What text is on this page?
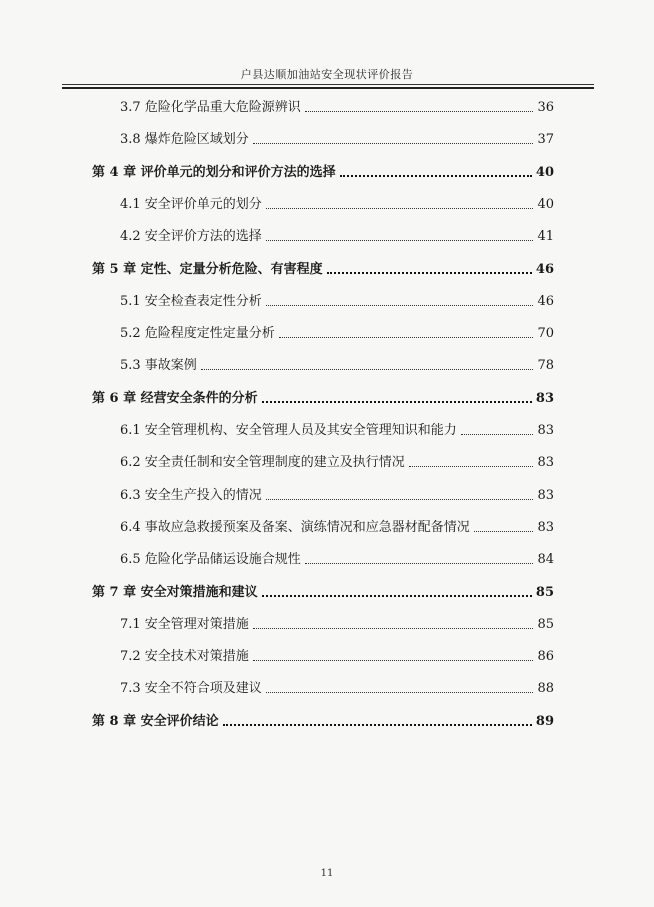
户县达顺加油站安全现状评价报告
3.7 危险化学品重大危险源辨识	36
3.8 爆炸危险区域划分	37
第 4 章 评价单元的划分和评价方法的选择	40
4.1 安全评价单元的划分	40
4.2 安全评价方法的选择	41
第 5 章 定性、定量分析危险、有害程度	46
5.1 安全检查表定性分析	46
5.2 危险程度定性定量分析	70
5.3 事故案例	78
第 6 章 经营安全条件的分析	83
6.1 安全管理机构、安全管理人员及其安全管理知识和能力	83
6.2 安全责任制和安全管理制度的建立及执行情况	83
6.3 安全生产投入的情况	83
6.4 事故应急救援预案及备案、演练情况和应急器材配备情况	83
6.5 危险化学品储运设施合规性	84
第 7 章 安全对策措施和建议	85
7.1 安全管理对策措施	85
7.2 安全技术对策措施	86
7.3 安全不符合项及建议	88
第 8 章 安全评价结论	89
11
